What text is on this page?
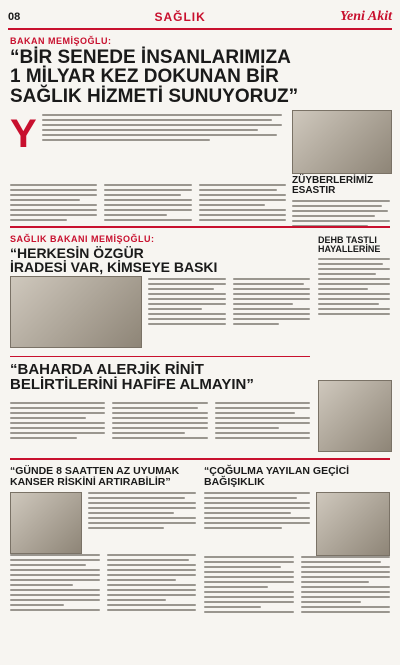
08	SAĞLIK	Yeni Akit
BAKAN MEMİŞOĞLU:
“BİR SENEDE İNSANLARIMIZA
1 MİLYAR KEZ DOKUNAN BİR
SAĞLIK HİZMETİ SUNUYORUZ”
Y
ZÜYBERLERİMİZ ESASTIR
SAĞLIK BAKANI MEMİŞOĞLU:
“HERKESİN ÖZGÜR
İRADESİ VAR, KİMSEYE BASKI
DEHB TASTLI
HAYALLERİNE
“BAHARDA ALERJİK RİNİT
BELİRTİLERİNİ HAFİFE ALMAYIN”
“GÜNDE 8 SAATTEN AZ UYUMAK
KANSER RİSKİNİ ARTIRABİLİR”
“ÇOĞULMA YAYILAN GEÇİCİ BAĞIŞIKLIK
